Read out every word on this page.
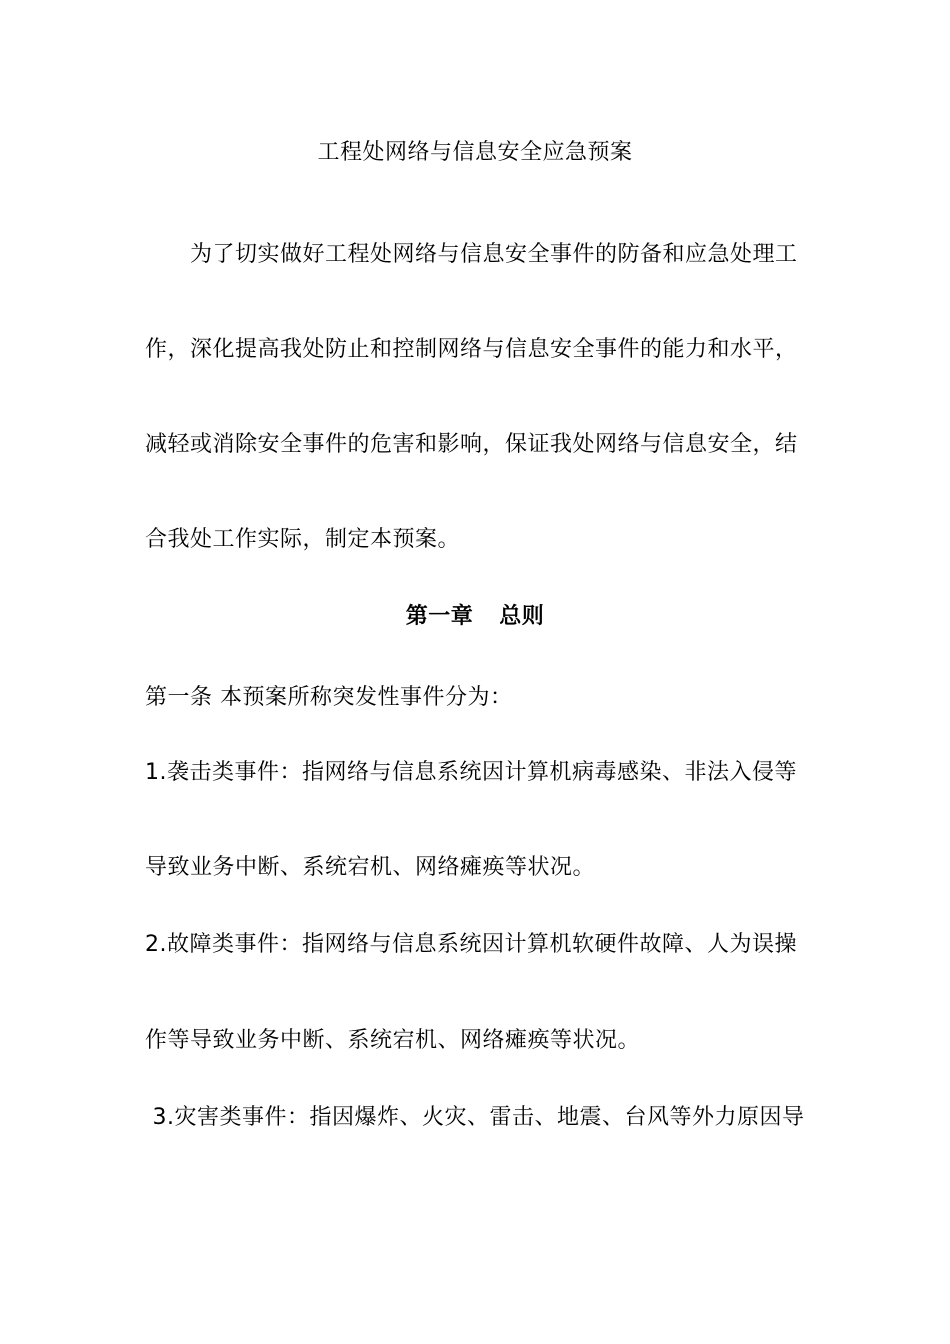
工程处网络与信息安全应急预案
为了切实做好工程处网络与信息安全事件的防备和应急处理工
作，深化提高我处防止和控制网络与信息安全事件的能力和水平，
减轻或消除安全事件的危害和影响，保证我处网络与信息安全，结
合我处工作实际，制定本预案。
第一章 总则
第一条 本预案所称突发性事件分为：
1.袭击类事件：指网络与信息系统因计算机病毒感染、非法入侵等
导致业务中断、系统宕机、网络瘫痪等状况。
2.故障类事件：指网络与信息系统因计算机软硬件故障、人为误操
作等导致业务中断、系统宕机、网络瘫痪等状况。
3.灾害类事件：指因爆炸、火灾、雷击、地震、台风等外力原因导
